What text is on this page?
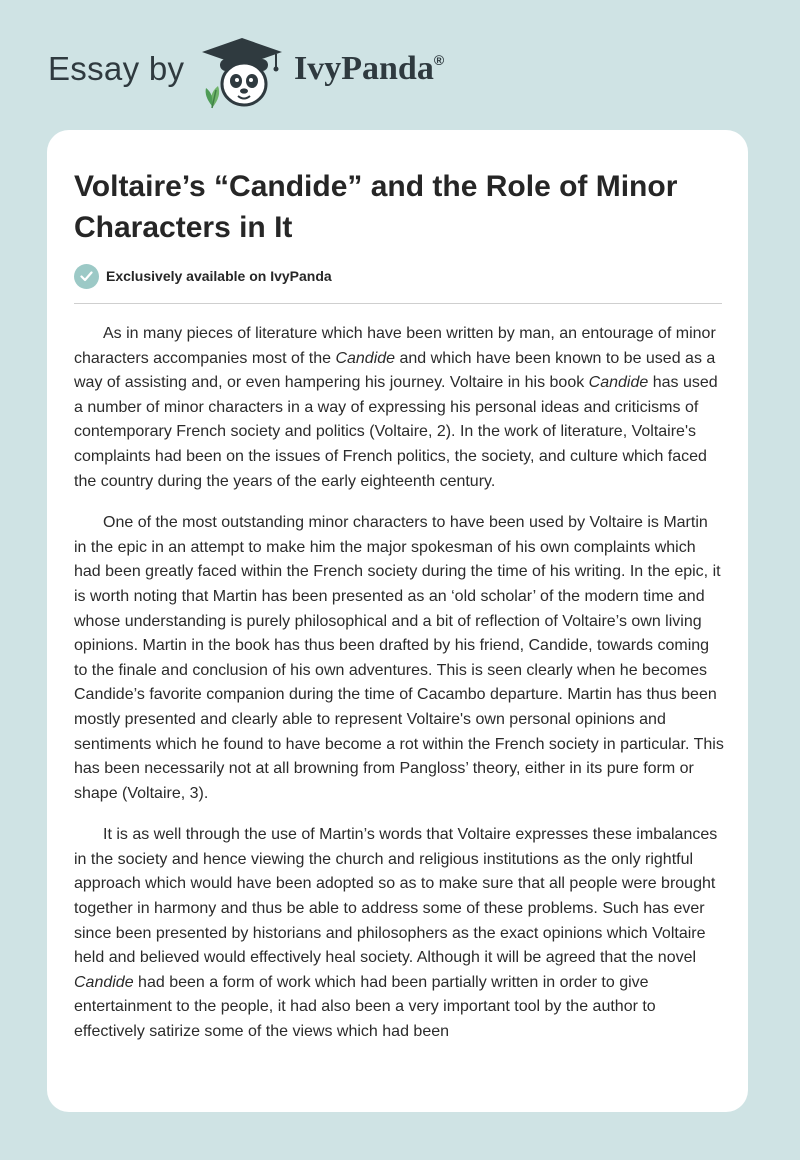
Essay by	IvyPanda®
Voltaire’s “Candide” and the Role of Minor Characters in It
Exclusively available on IvyPanda

As in many pieces of literature which have been written by man, an entourage of minor characters accompanies most of the Candide and which have been known to be used as a way of assisting and, or even hampering his journey. Voltaire in his book Candide has used a number of minor characters in a way of expressing his personal ideas and criticisms of contemporary French society and politics (Voltaire, 2). In the work of literature, Voltaire's complaints had been on the issues of French politics, the society, and culture which faced the country during the years of the early eighteenth century.

One of the most outstanding minor characters to have been used by Voltaire is Martin in the epic in an attempt to make him the major spokesman of his own complaints which had been greatly faced within the French society during the time of his writing. In the epic, it is worth noting that Martin has been presented as an ‘old scholar’ of the modern time and whose understanding is purely philosophical and a bit of reflection of Voltaire’s own living opinions. Martin in the book has thus been drafted by his friend, Candide, towards coming to the finale and conclusion of his own adventures. This is seen clearly when he becomes Candide’s favorite companion during the time of Cacambo departure. Martin has thus been mostly presented and clearly able to represent Voltaire's own personal opinions and sentiments which he found to have become a rot within the French society in particular. This has been necessarily not at all browning from Pangloss’ theory, either in its pure form or shape (Voltaire, 3).

It is as well through the use of Martin’s words that Voltaire expresses these imbalances in the society and hence viewing the church and religious institutions as the only rightful approach which would have been adopted so as to make sure that all people were brought together in harmony and thus be able to address some of these problems. Such has ever since been presented by historians and philosophers as the exact opinions which Voltaire held and believed would effectively heal society. Although it will be agreed that the novel Candide had been a form of work which had been partially written in order to give entertainment to the people, it had also been a very important tool by the author to effectively satirize some of the views which had been
